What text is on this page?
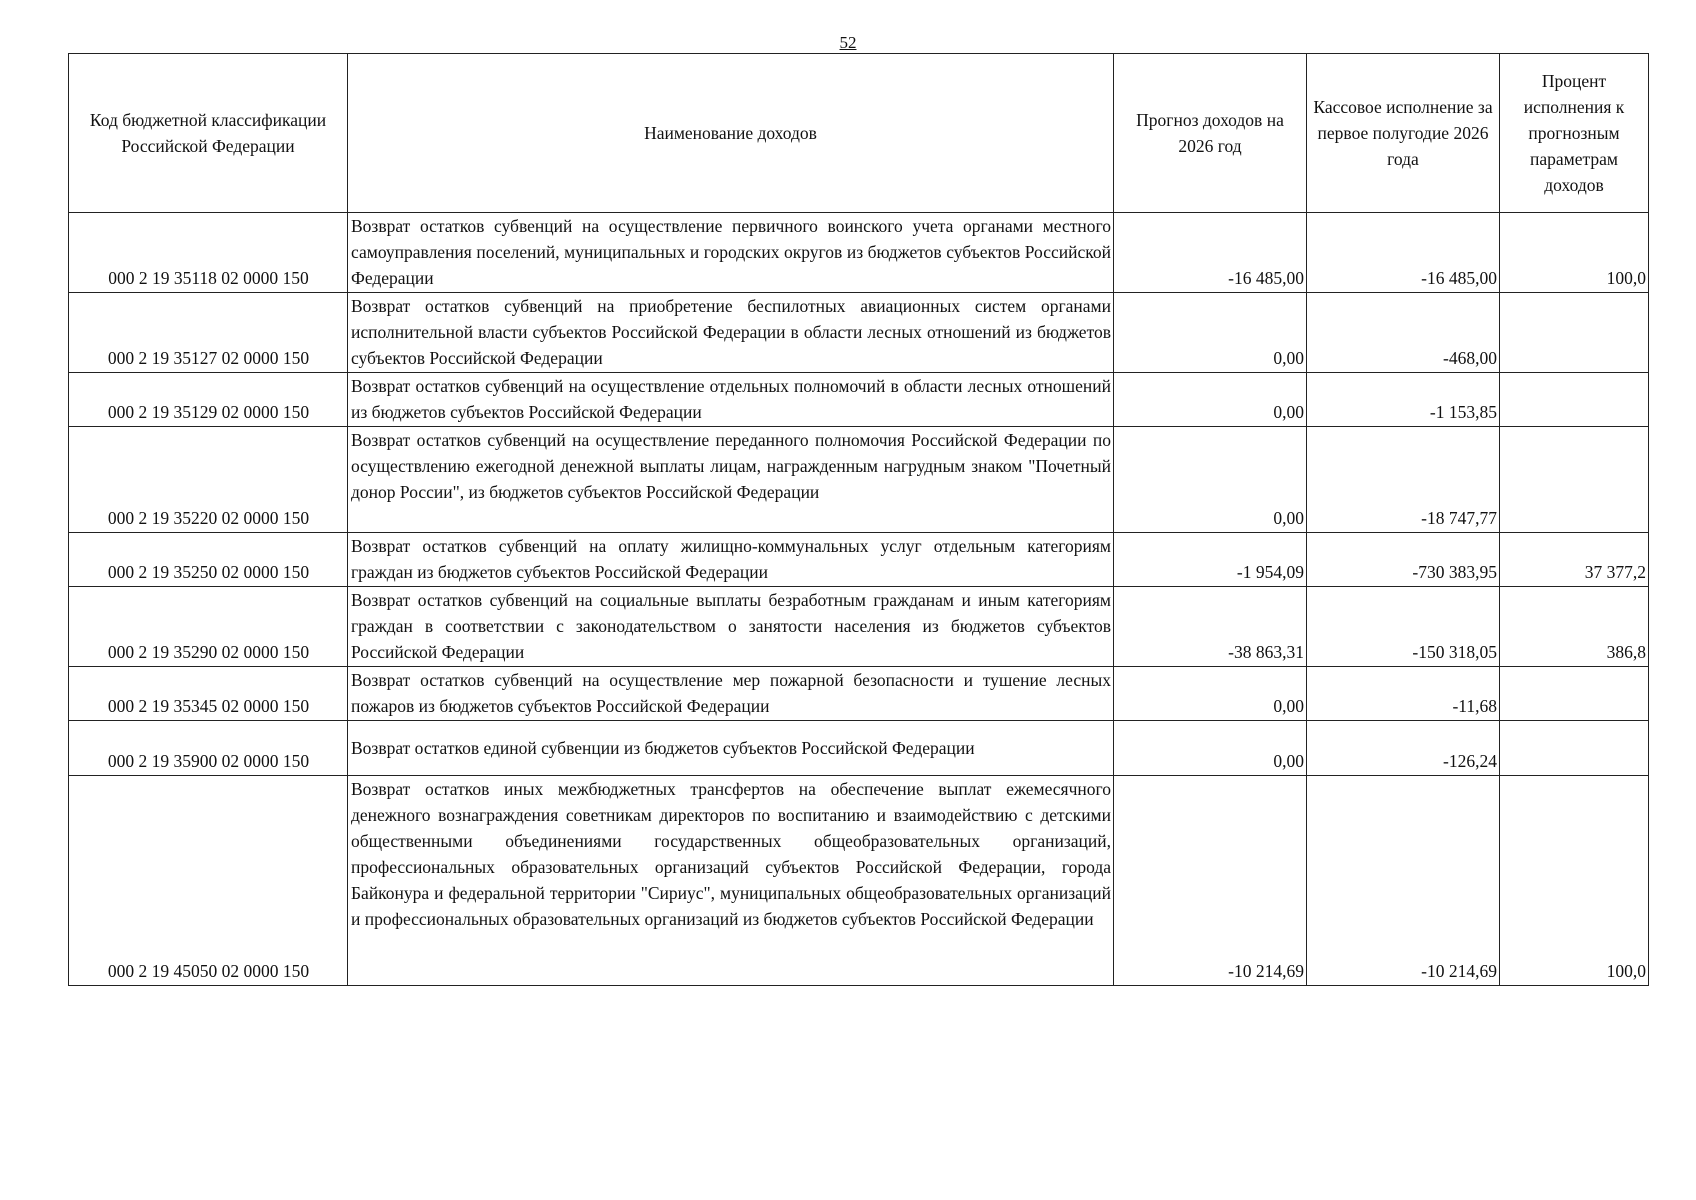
52
Код бюджетной классификации Российской Федерации	Наименование доходов	Прогноз доходов на 2026 год	Кассовое исполнение за первое полугодие 2026 года	Процент исполнения к прогнозным параметрам доходов
000 2 19 35118 02 0000 150	Возврат остатков субвенций на осуществление первичного воинского учета органами местного самоуправления поселений, муниципальных и городских округов из бюджетов субъектов Российской Федерации	-16 485,00	-16 485,00	100,0
000 2 19 35127 02 0000 150	Возврат остатков субвенций на приобретение беспилотных авиационных систем органами исполнительной власти субъектов Российской Федерации в области лесных отношений из бюджетов субъектов Российской Федерации	0,00	-468,00	
000 2 19 35129 02 0000 150	Возврат остатков субвенций на осуществление отдельных полномочий в области лесных отношений из бюджетов субъектов Российской Федерации	0,00	-1 153,85	
000 2 19 35220 02 0000 150	Возврат остатков субвенций на осуществление переданного полномочия Российской Федерации по осуществлению ежегодной денежной выплаты лицам, награжденным нагрудным знаком "Почетный донор России", из бюджетов субъектов Российской Федерации	0,00	-18 747,77	
000 2 19 35250 02 0000 150	Возврат остатков субвенций на оплату жилищно-коммунальных услуг отдельным категориям граждан из бюджетов субъектов Российской Федерации	-1 954,09	-730 383,95	37 377,2
000 2 19 35290 02 0000 150	Возврат остатков субвенций на социальные выплаты безработным гражданам и иным категориям граждан в соответствии с законодательством о занятости населения из бюджетов субъектов Российской Федерации	-38 863,31	-150 318,05	386,8
000 2 19 35345 02 0000 150	Возврат остатков субвенций на осуществление мер пожарной безопасности и тушение лесных пожаров из бюджетов субъектов Российской Федерации	0,00	-11,68	
000 2 19 35900 02 0000 150	Возврат остатков единой субвенции из бюджетов субъектов Российской Федерации	0,00	-126,24	
000 2 19 45050 02 0000 150	Возврат остатков иных межбюджетных трансфертов на обеспечение выплат ежемесячного денежного вознаграждения советникам директоров по воспитанию и взаимодействию с детскими общественными объединениями государственных общеобразовательных организаций, профессиональных образовательных организаций субъектов Российской Федерации, города Байконура и федеральной территории "Сириус", муниципальных общеобразовательных организаций и профессиональных образовательных организаций из бюджетов субъектов Российской Федерации	-10 214,69	-10 214,69	100,0
